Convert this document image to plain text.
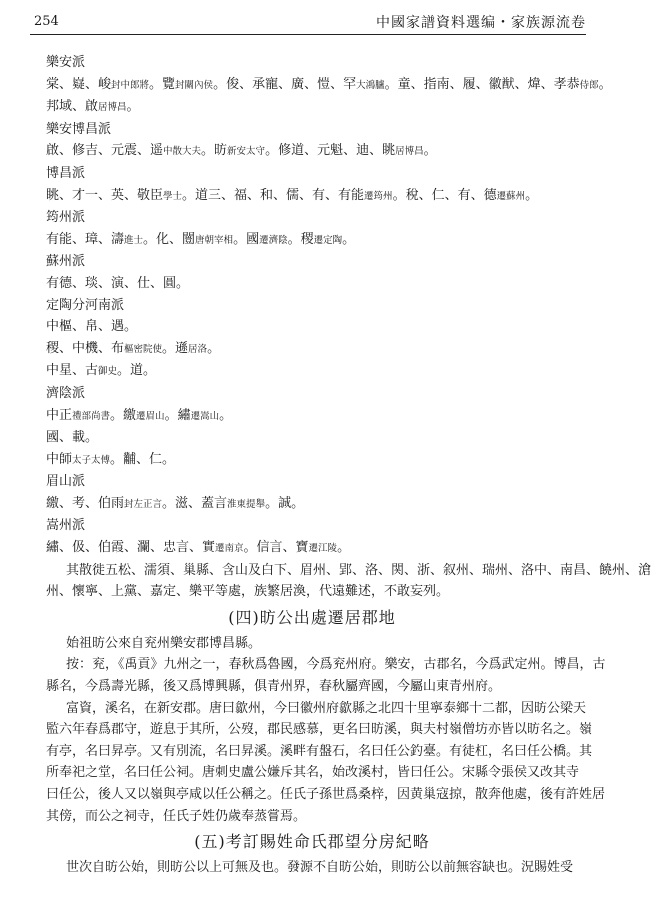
254	中國家譜資料選编・家族源流卷
樂安派
棠、嶷、峻封中郎將。覽封關內侯。俊、承寵、廣、愷、罕大鴻臚。童、指南、履、徽猷、煒、孝恭侍郎。
邦域、啟居博昌。
樂安博昌派
啟、修吉、元震、遥中散大夫。昉新安太守。修道、元魁、迪、眺居博昌。
博昌派
眺、才一、英、敬臣學士。道三、福、和、儒、有、有能遷筠州。稅、仁、有、德遷蘇州。
筠州派
有能、璋、濤進士。化、闓唐朝宰相。國遷濟陰。稷遷定陶。
蘇州派
有德、琰、演、仕、圓。
定陶分河南派
中樞、帛、遇。
稷、中機、布樞密院使。遜居洛。
中星、古御史。道。
濟陰派
中正禮部尚書。繳遷眉山。繡遷嵩山。
國、載。
中師太子太傅。黼、仁。
眉山派
繳、考、伯雨封左正言。滋、蓋言淮東提舉。誠。
嵩州派
繡、伋、伯霞、瀾、忠言、實遷南京。信言、寶遷江陵。
其散徙五松、濡須、巢縣、含山及白下、眉州、郢、洛、関、浙、叙州、瑞州、洛中、南昌、饒州、滄
州、懷寧、上黨、嘉定、樂平等處，族繁居渙，代遠難述，不敢妄列。
(四)昉公出處遷居郡地
始祖昉公來自兖州樂安郡博昌縣。
按：兖，《禹貢》九州之一，春秋爲魯國，今爲兖州府。樂安，古郡名，今爲武定州。博昌，古
縣名，今爲壽光縣，後又爲博興縣，俱青州界，春秋屬齊國，今屬山東青州府。
富資，溪名，在新安郡。唐曰歙州，今曰徽州府歙縣之北四十里寧泰鄉十二都，因昉公梁天
監六年春爲郡守，遊息于其所，公歿，郡民感慕，更名曰昉溪，與夫村嶺僧坊亦皆以昉名之。嶺
有亭，名曰昇亭。又有別流，名曰昇溪。溪畔有盤石，名曰任公釣臺。有徒杠，名曰任公橋。其
所奉祀之堂，名曰任公祠。唐刺史盧公嫌斥其名，始改溪村，皆曰任公。宋縣令張侯又改其寺
曰任公，後人又以嶺與亭咸以任公稱之。任氏子孫世爲桑梓，因黄巢寇掠，散奔他處，後有許姓居
其傍，而公之祠寺，任氏子姓仍歲奉蒸嘗焉。
(五)考訂賜姓命氏郡望分房紀略
世次自昉公始，則昉公以上可無及也。發源不自昉公始，則昉公以前無容缺也。況賜姓受
